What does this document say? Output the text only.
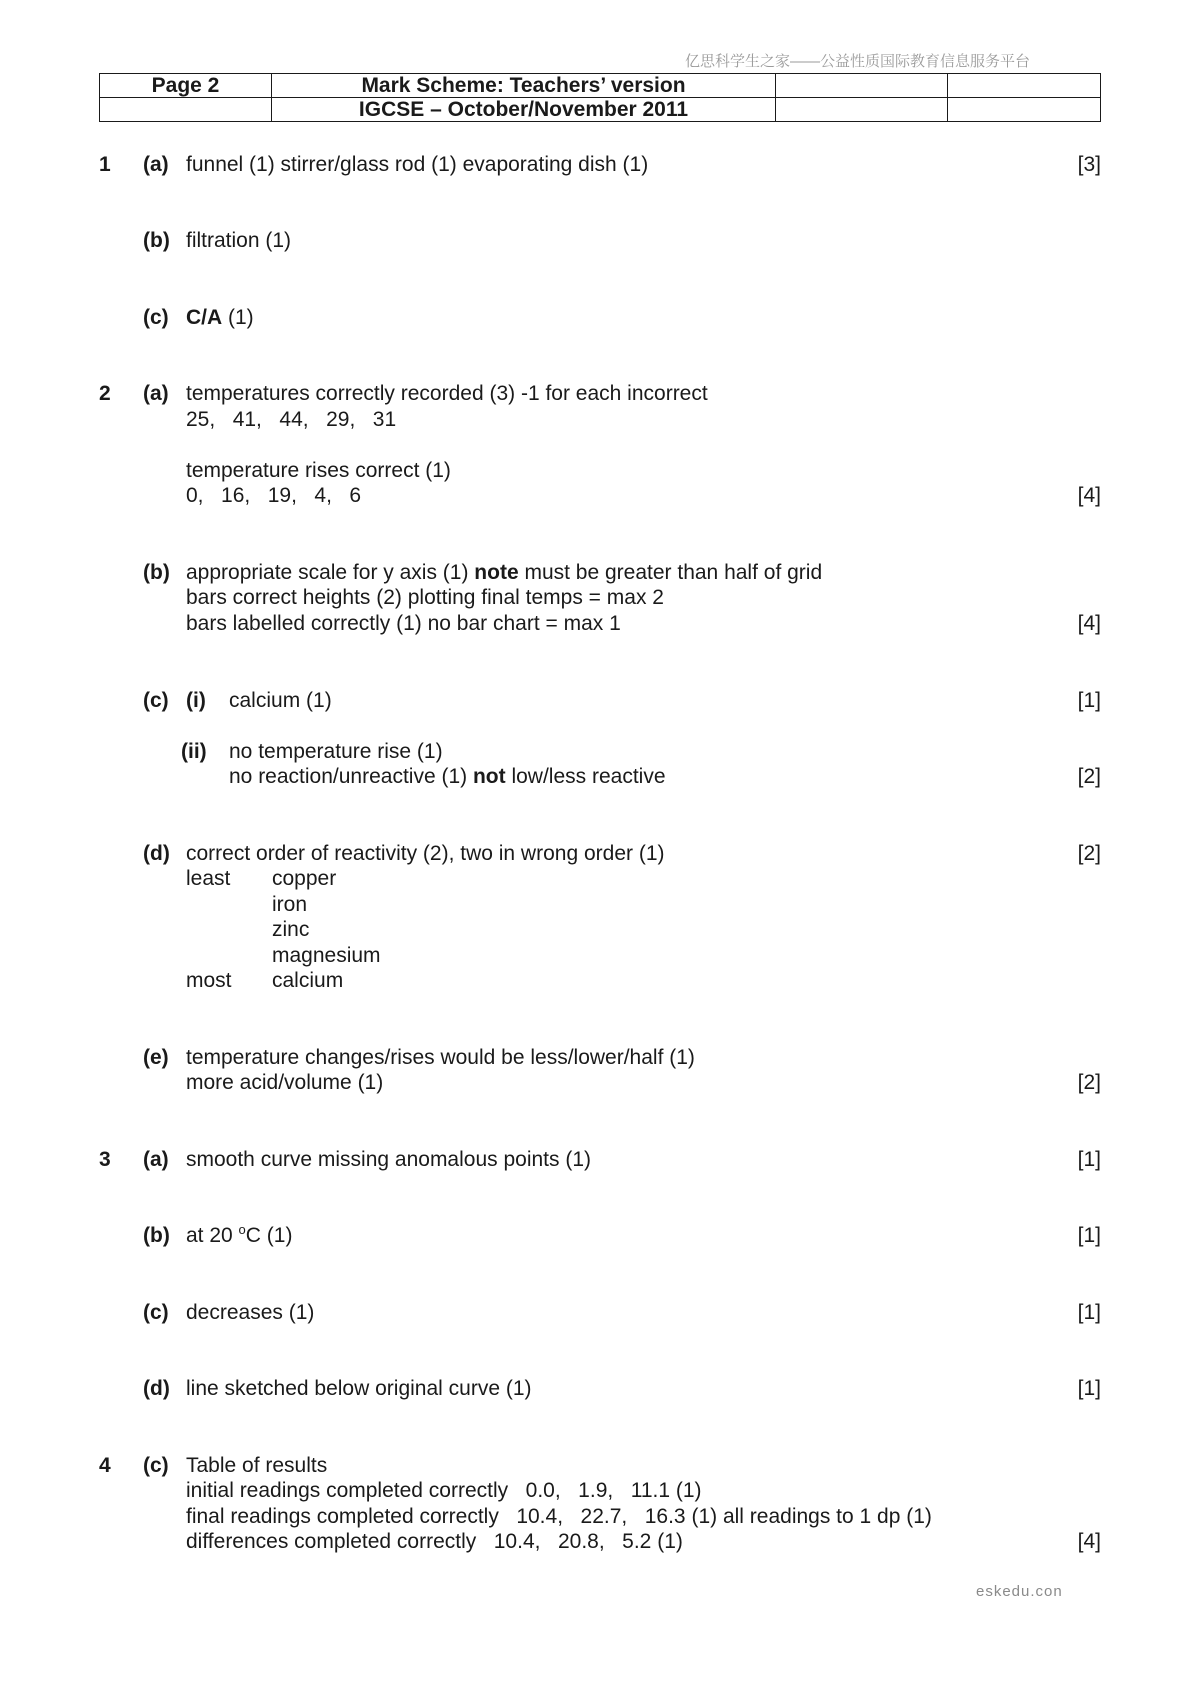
亿思科学生之家——公益性质国际教育信息服务平台
Page 2	Mark Scheme: Teachers’ version		
	IGCSE – October/November 2011		
1 (a) funnel (1) stirrer/glass rod (1) evaporating dish (1)	[3]
(b) filtration (1)
(c) C/A (1)
2 (a) temperatures correctly recorded (3) -1 for each incorrect
25,   41,   44,   29,   31
temperature rises correct (1)
0,   16,   19,   4,   6	[4]
(b) appropriate scale for y axis (1) note must be greater than half of grid
bars correct heights (2) plotting final temps = max 2
bars labelled correctly (1) no bar chart = max 1	[4]
(c) (i) calcium (1)	[1]
(ii) no temperature rise (1)
no reaction/unreactive (1) not low/less reactive	[2]
(d) correct order of reactivity (2), two in wrong order (1)	[2]
least copper
iron
zinc
magnesium
most calcium
(e) temperature changes/rises would be less/lower/half (1)
more acid/volume (1)	[2]
3 (a) smooth curve missing anomalous points (1)	[1]
(b) at 20 $^o$C (1)	[1]
(c) decreases (1)	[1]
(d) line sketched below original curve (1)	[1]
4 (c) Table of results
initial readings completed correctly   0.0,   1.9,   11.1 (1)
final readings completed correctly   10.4,   22.7,   16.3 (1) all readings to 1 dp (1)
differences completed correctly   10.4,   20.8,   5.2 (1)	[4]
eskedu.con
